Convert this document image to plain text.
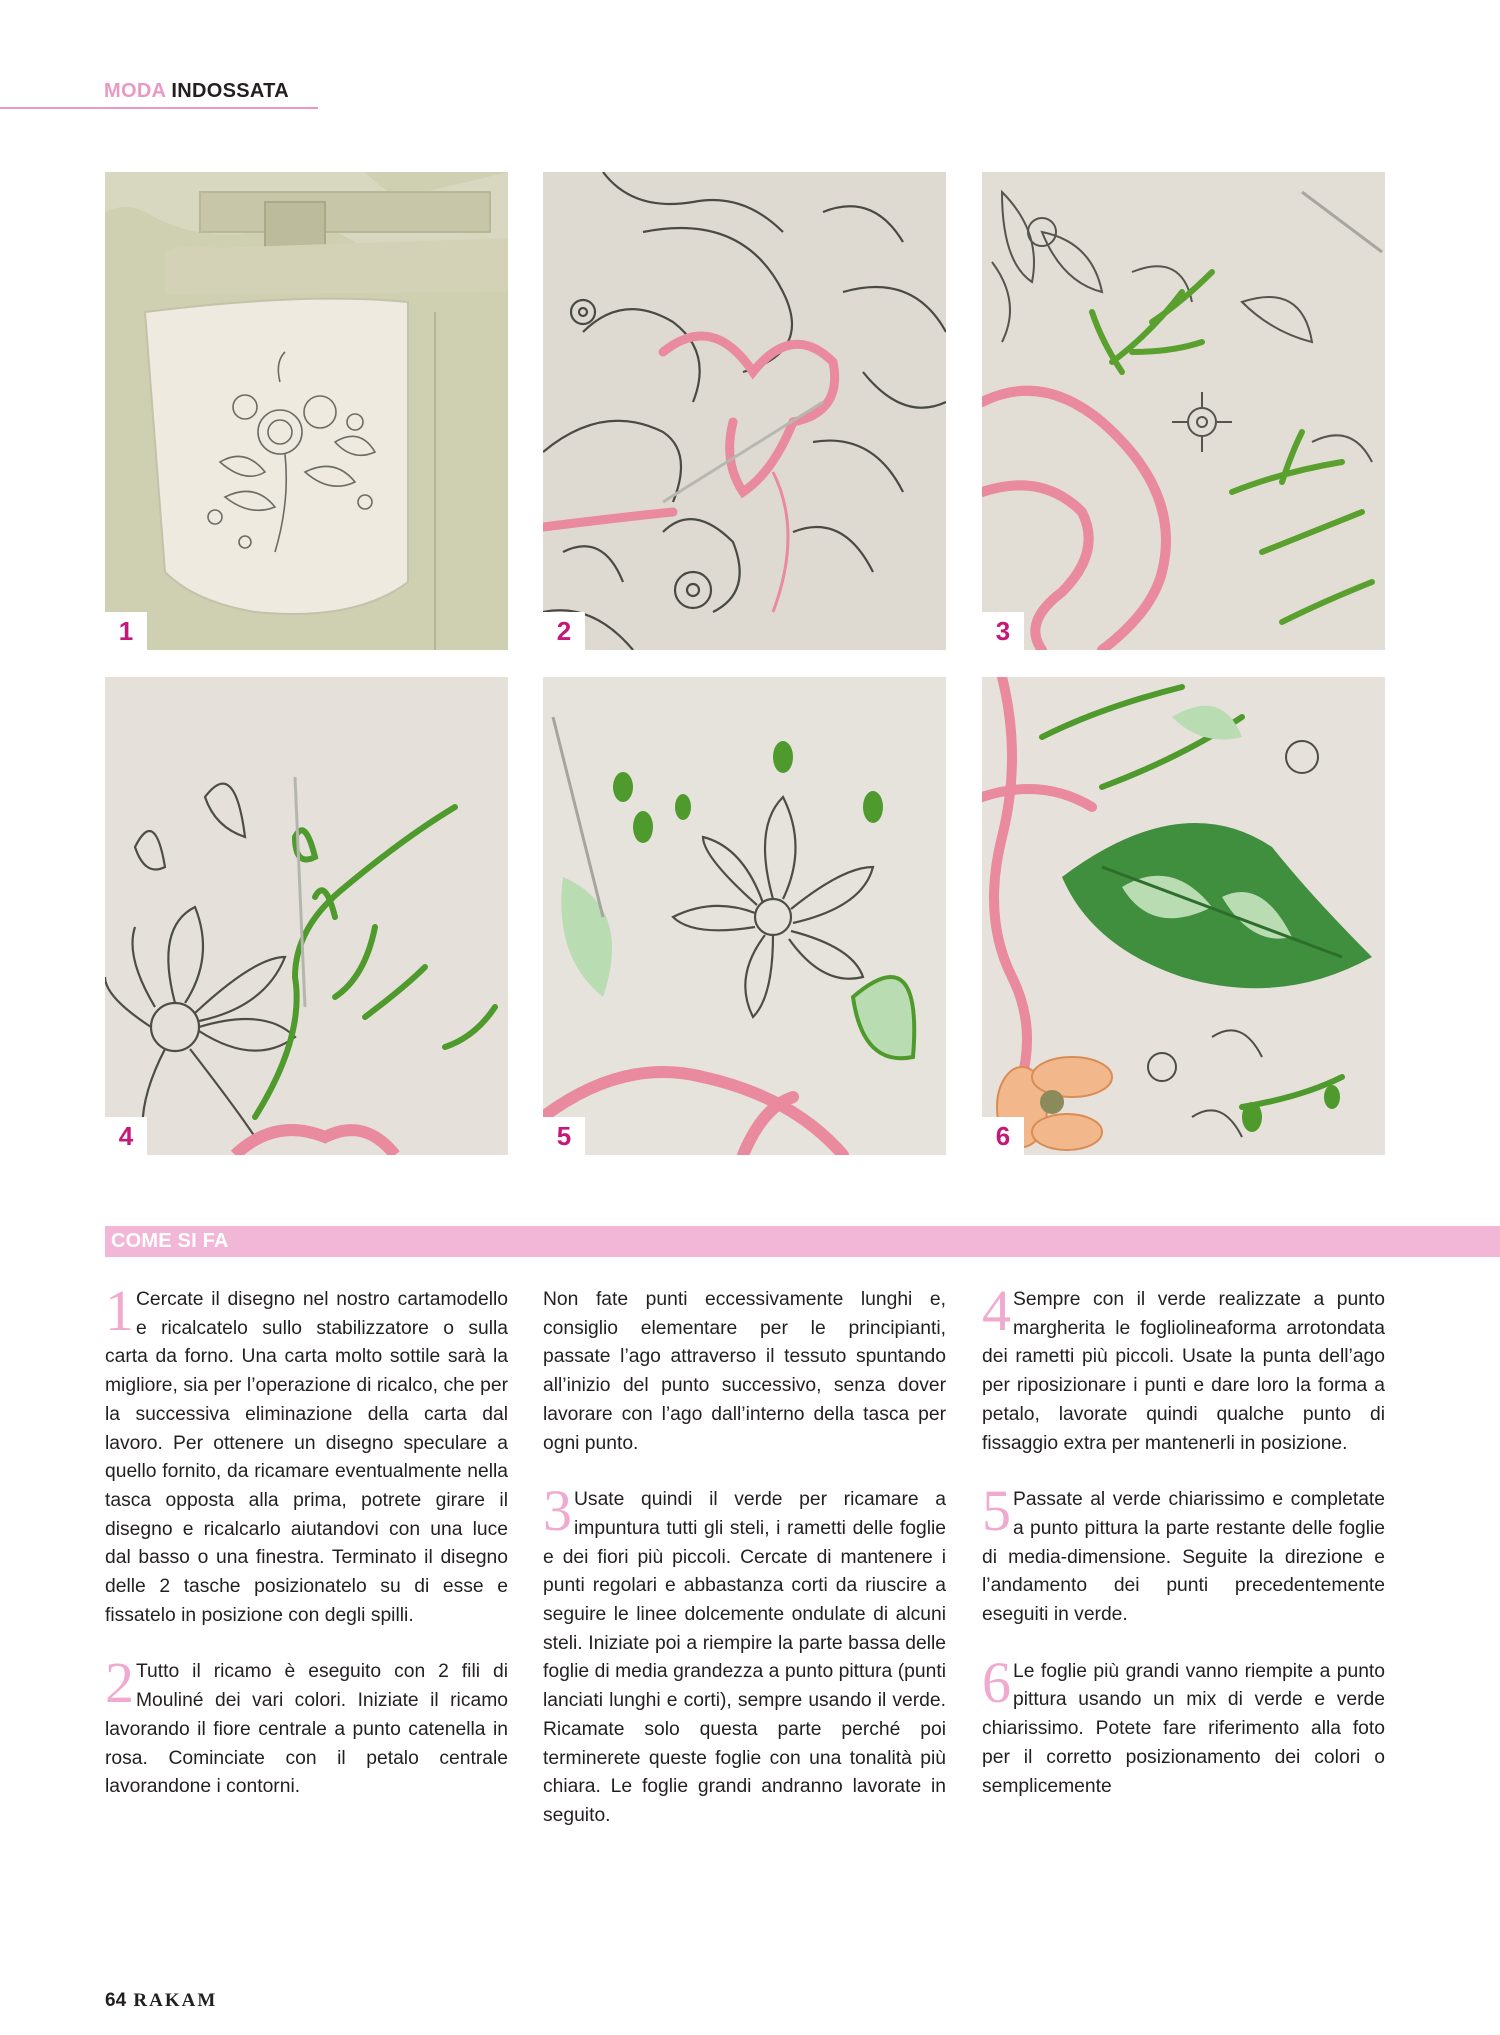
MODA INDOSSATA
1	2	3
4	5	6
COME SI FA

1 Cercate il disegno nel nostro cartamodello e ricalcatelo sullo stabilizzatore o sulla carta da forno. Una carta molto sottile sarà la migliore, sia per l’operazione di ricalco, che per la successiva eliminazione della carta dal lavoro. Per ottenere un disegno speculare a quello fornito, da ricamare eventualmente nella tasca opposta alla prima, potrete girare il disegno e ricalcarlo aiutandovi con una luce dal basso o una finestra. Terminato il disegno delle 2 tasche posizionatelo su di esse e fissatelo in posizione con degli spilli.

2 Tutto il ricamo è eseguito con 2 fili di Mouliné dei vari colori. Iniziate il ricamo lavorando il fiore centrale a punto catenella in rosa. Cominciate con il petalo centrale lavorandone i contorni.

Non fate punti eccessivamente lunghi e, consiglio elementare per le principianti, passate l’ago attraverso il tessuto spuntando all’inizio del punto successivo, senza dover lavorare con l’ago dall’interno della tasca per ogni punto.

3 Usate quindi il verde per ricamare a impuntura tutti gli steli, i rametti delle foglie e dei fiori più piccoli. Cercate di mantenere i punti regolari e abbastanza corti da riuscire a seguire le linee dolcemente ondulate di alcuni steli. Iniziate poi a riempire la parte bassa delle foglie di media grandezza a punto pittura (punti lanciati lunghi e corti), sempre usando il verde. Ricamate solo questa parte perché poi terminerete queste foglie con una tonalità più chiara. Le foglie grandi andranno lavorate in seguito.

4 Sempre con il verde realizzate a punto margherita le fogliolineaforma arrotondata dei rametti più piccoli. Usate la punta dell’ago per riposizionare i punti e dare loro la forma a petalo, lavorate quindi qualche punto di fissaggio extra per mantenerli in posizione.

5 Passate al verde chiarissimo e completate a punto pittura la parte restante delle foglie di media-dimensione. Seguite la direzione e l’andamento dei punti precedentemente eseguiti in verde.

6 Le foglie più grandi vanno riempite a punto pittura usando un mix di verde e verde chiarissimo. Potete fare riferimento alla foto per il corretto posizionamento dei colori o semplicemente

64 RAKAM
